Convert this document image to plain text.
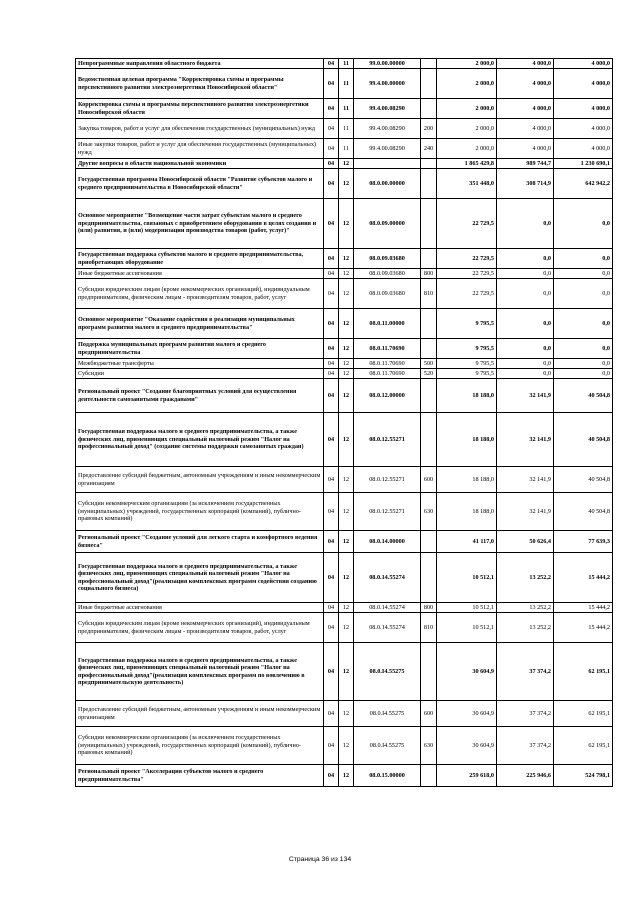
Непрограммные направления областного бюджета	04	11	99.0.00.00000		2 000,0	4 000,0	4 000,0
Ведомственная целевая программа "Корректировка схемы и программы перспективного развития электроэнергетики Новосибирской области"	04	11	99.4.00.00000		2 000,0	4 000,0	4 000,0
Корректировка схемы и программы перспективного развития электроэнергетики Новосибирской области	04	11	99.4.00.08290		2 000,0	4 000,0	4 000,0
Закупка товаров, работ и услуг для обеспечения государственных (муниципальных) нужд	04	11	99.4.00.08290	200	2 000,0	4 000,0	4 000,0
Иные закупки товаров, работ и услуг для обеспечения государственных (муниципальных) нужд	04	11	99.4.00.08290	240	2 000,0	4 000,0	4 000,0
Другие вопросы в области национальной экономики	04	12			1 865 429,8	989 744,7	1 230 690,1
Государственная программа Новосибирской области "Развитие субъектов малого и среднего предпринимательства в Новосибирской области"	04	12	08.0.00.00000		351 448,0	308 714,9	642 942,2
Основное мероприятие "Возмещение части затрат субъектам малого и среднего предпринимательства, связанных с приобретением оборудования в целях создания и (или) развития, и (или) модернизации производства товаров (работ, услуг)"	04	12	08.0.09.00000		22 729,5	0,0	0,0
Государственная поддержка субъектов малого и среднего предпринимательства, приобретающих оборудование	04	12	08.0.09.03680		22 729,5	0,0	0,0
Иные бюджетные ассигнования	04	12	08.0.09.03680	800	22 729,5	0,0	0,0
Субсидии юридическим лицам (кроме некоммерческих организаций), индивидуальным предпринимателям, физическим лицам - производителям товаров, работ, услуг	04	12	08.0.09.03680	810	22 729,5	0,0	0,0
Основное мероприятие "Оказание содействия в реализации муниципальных программ развития малого и среднего предпринимательства"	04	12	08.0.11.00000		9 795,5	0,0	0,0
Поддержка муниципальных программ развития малого и среднего предпринимательства	04	12	08.0.11.70690		9 795,5	0,0	0,0
Межбюджетные трансферты	04	12	08.0.11.70690	500	9 795,5	0,0	0,0
Субсидии	04	12	08.0.11.70690	520	9 795,5	0,0	0,0
Региональный проект "Создание благоприятных условий для осуществления деятельности самозанятыми гражданами"	04	12	08.0.12.00000		18 188,0	32 141,9	40 504,8
Государственная поддержка малого и среднего предпринимательства, а также физических лиц, применяющих специальный налоговый режим "Налог на профессиональный доход" (создание системы поддержки самозанятых граждан)	04	12	08.0.12.55271		18 188,0	32 141,9	40 504,8
Предоставление субсидий бюджетным, автономным учреждениям и иным некоммерческим организациям	04	12	08.0.12.55271	600	18 188,0	32 141,9	40 504,8
Субсидии некоммерческим организациям (за исключением государственных (муниципальных) учреждений, государственных корпораций (компаний), публично-правовых компаний)	04	12	08.0.12.55271	630	18 188,0	32 141,9	40 504,8
Региональный проект "Создание условий для легкого старта и комфортного ведения бизнеса"	04	12	08.0.14.00000		41 117,0	50 626,4	77 639,3
Государственная поддержка малого и среднего предпринимательства, а также физических лиц, применяющих специальный налоговый режим "Налог на профессиональный доход"(реализация комплексных программ содействия созданию социального бизнеса)	04	12	08.0.14.55274		10 512,1	13 252,2	15 444,2
Иные бюджетные ассигнования	04	12	08.0.14.55274	800	10 512,1	13 252,2	15 444,2
Субсидии юридическим лицам (кроме некоммерческих организаций), индивидуальным предпринимателям, физическим лицам - производителям товаров, работ, услуг	04	12	08.0.14.55274	810	10 512,1	13 252,2	15 444,2
Государственная поддержка малого и среднего предпринимательства, а также физических лиц, применяющих специальный налоговый режим "Налог на профессиональный доход"(реализация комплексных программ по вовлечению в предпринимательскую деятельность)	04	12	08.0.I4.55275		30 604,9	37 374,2	62 195,1
Предоставление субсидий бюджетным, автономным учреждениям и иным некоммерческим организациям	04	12	08.0.I4.55275	600	30 604,9	37 374,2	62 195,1
Субсидии некоммерческим организациям (за исключением государственных (муниципальных) учреждений, государственных корпораций (компаний), публично-правовых компаний)	04	12	08.0.I4.55275	630	30 604,9	37 374,2	62 195,1
Региональный проект "Акселерация субъектов малого и среднего предпринимательства"	04	12	08.0.15.00000		259 618,0	225 946,6	524 798,1
Страница 36 из 134
